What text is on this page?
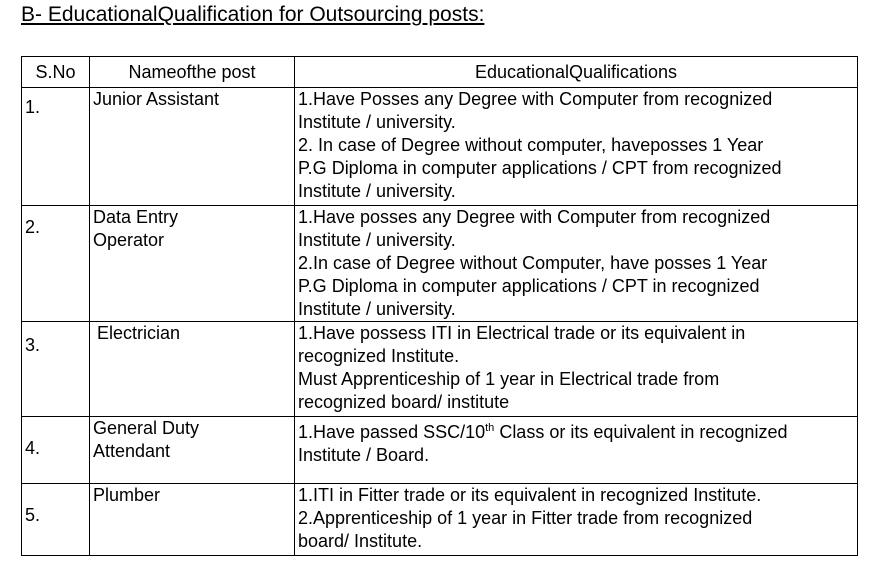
B- EducationalQualification for Outsourcing posts:
S.No	Nameofthe post	EducationalQualifications

1.	Junior Assistant	1.Have Posses any Degree with Computer from recognized
Institute / university.
2. In case of Degree without computer, haveposses 1 Year
P.G Diploma in computer applications / CPT from recognized
Institute / university.

2.	Data Entry
Operator	1.Have posses any Degree with Computer from recognized
Institute / university.
2.In case of Degree without Computer, have posses 1 Year
P.G Diploma in computer applications / CPT in recognized
Institute / university.

3.	Electrician	1.Have possess ITI in Electrical trade or its equivalent in
recognized Institute.
Must Apprenticeship of 1 year in Electrical trade from
recognized board/ institute

4.	General Duty
Attendant	1.Have passed SSC/10th Class or its equivalent in recognized
Institute / Board.

5.	Plumber	1.ITI in Fitter trade or its equivalent in recognized Institute.
2.Apprenticeship of 1 year in Fitter trade from recognized
board/ Institute.
